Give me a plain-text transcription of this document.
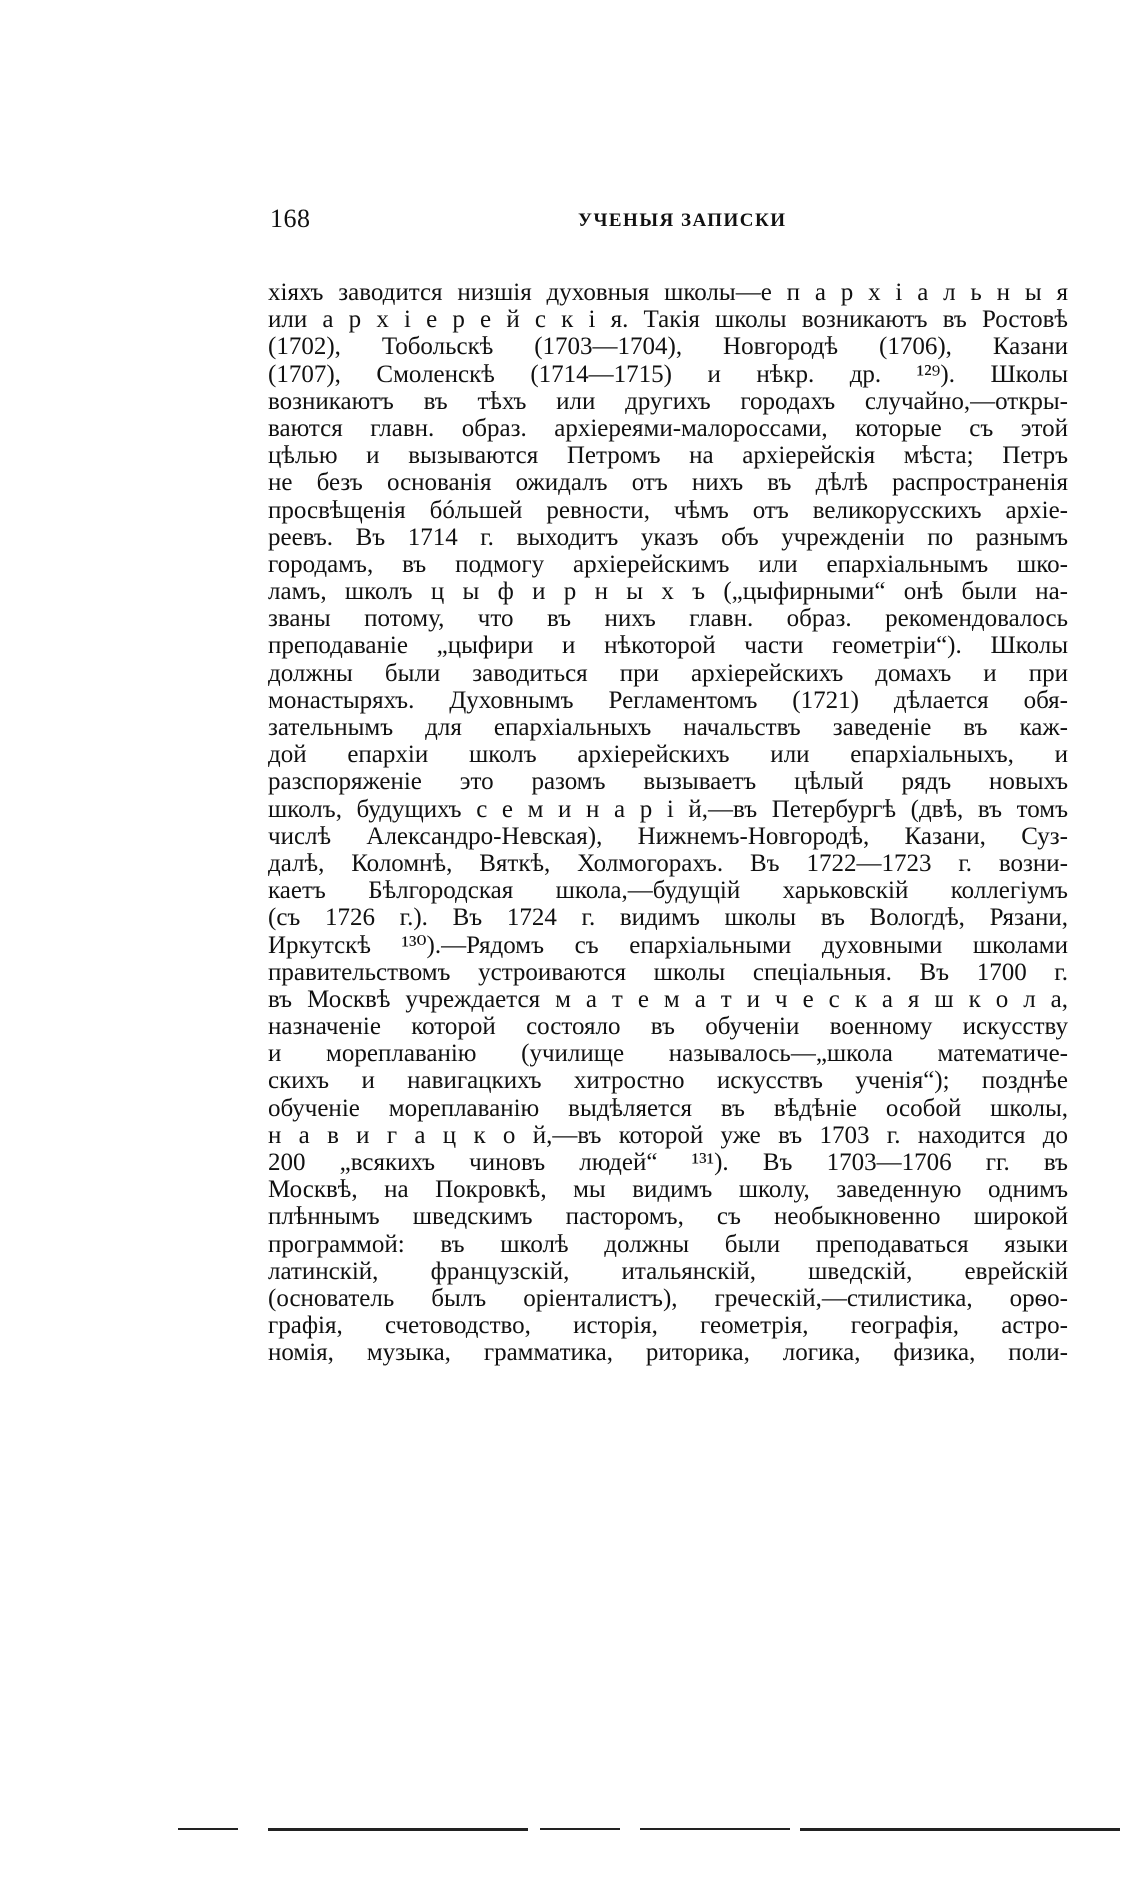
168	УЧЕНЫЯ ЗАПИСКИ
хіяхъ заводится низшія духовныя школы—е п а р х і а л ь н ы я
или а р х і е р е й с к і я. Такія школы возникаютъ въ Ростовѣ
(1702), Тобольскѣ (1703—1704), Новгородѣ (1706), Казани
(1707), Смоленскѣ (1714—1715) и нѣкр. др. ¹²⁹). Школы
возникаютъ въ тѣхъ или другихъ городахъ случайно,—откры-
ваются главн. образ. архіереями-малороссами, которые съ этой
цѣлью и вызываются Петромъ на архіерейскія мѣста; Петръ
не безъ основанія ожидалъ отъ нихъ въ дѣлѣ распространенія
просвѣщенія бóльшей ревности, чѣмъ отъ великорусскихъ архіе-
реевъ. Въ 1714 г. выходитъ указъ объ учрежденіи по разнымъ
городамъ, въ подмогу архіерейскимъ или епархіальнымъ шко-
ламъ, школъ ц ы ф и р н ы х ъ („цыфирными“ онѣ были на-
званы потому, что въ нихъ главн. образ. рекомендовалось
преподаваніе „цыфири и нѣкоторой части геометріи“). Школы
должны были заводиться при архіерейскихъ домахъ и при
монастыряхъ. Духовнымъ Регламентомъ (1721) дѣлается обя-
зательнымъ для епархіальныхъ начальствъ заведеніе въ каж-
дой епархіи школъ архіерейскихъ или епархіальныхъ, и
разспоряженіе это разомъ вызываетъ цѣлый рядъ новыхъ
школъ, будущихъ с е м и н а р і й,—въ Петербургѣ (двѣ, въ томъ
числѣ Александро-Невская), Нижнемъ-Новгородѣ, Казани, Суз-
далѣ, Коломнѣ, Вяткѣ, Холмогорахъ. Въ 1722—1723 г. возни-
каетъ Бѣлгородская школа,—будущій харьковскій коллегіумъ
(съ 1726 г.). Въ 1724 г. видимъ школы въ Вологдѣ, Рязани,
Иркутскѣ ¹³⁰).—Рядомъ съ епархіальными духовными школами
правительствомъ устроиваются школы спеціальныя. Въ 1700 г.
въ Москвѣ учреждается м а т е м а т и ч е с к а я ш к о л а,
назначеніе которой состояло въ обученіи военному искусству
и мореплаванію (училище называлось—„школа математиче-
скихъ и навигацкихъ хитростно искусствъ ученія“); позднѣе
обученіе мореплаванію выдѣляется въ вѣдѣніе особой школы,
н а в и г а ц к о й,—въ которой уже въ 1703 г. находится до
200 „всякихъ чиновъ людей“ ¹³¹). Въ 1703—1706 гг. въ
Москвѣ, на Покровкѣ, мы видимъ школу, заведенную однимъ
плѣннымъ шведскимъ пасторомъ, съ необыкновенно широкой
программой: въ школѣ должны были преподаваться языки
латинскій, французскій, итальянскій, шведскій, еврейскій
(основатель былъ оріенталистъ), греческій,—стилистика, орѳо-
графія, счетоводство, исторія, геометрія, географія, астро-
номія, музыка, грамматика, риторика, логика, физика, поли-
